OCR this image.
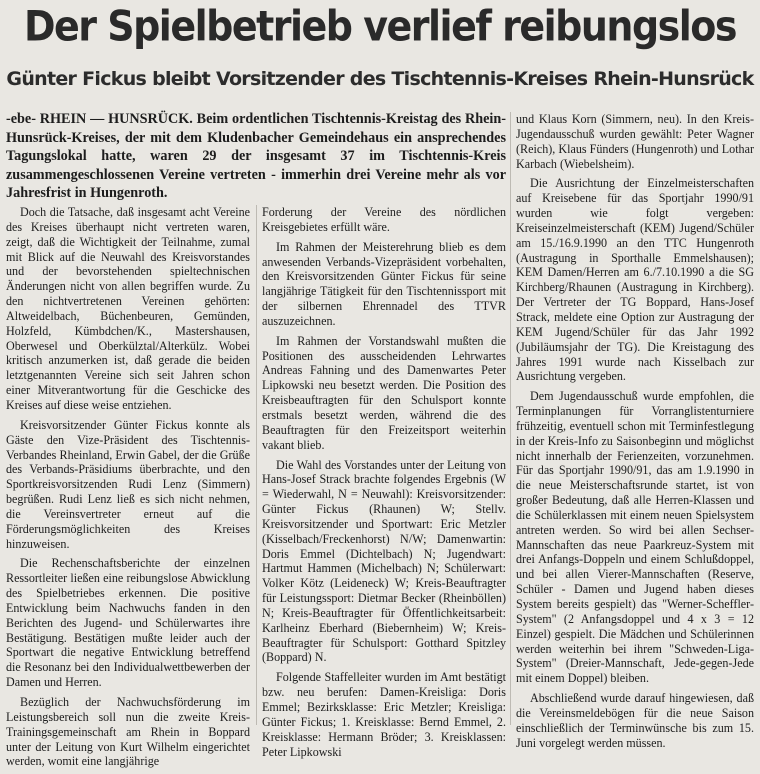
Der Spielbetrieb verlief reibungslos
Günter Fickus bleibt Vorsitzender des Tischtennis-Kreises Rhein-Hunsrück
-ebe- RHEIN — HUNSRÜCK. Beim ordentlichen Tischtennis-Kreistag des Rhein-Hunsrück-Kreises, der mit dem Kludenbacher Gemeindehaus ein ansprechendes Tagungslokal hatte, waren 29 der insgesamt 37 im Tischtennis-Kreis zusammengeschlossenen Vereine vertreten - immerhin drei Vereine mehr als vor Jahresfrist in Hungenroth.

Doch die Tatsache, daß insgesamt acht Vereine des Kreises überhaupt nicht vertreten waren, zeigt, daß die Wichtigkeit der Teilnahme, zumal mit Blick auf die Neuwahl des Kreisvorstandes und der bevorstehenden spieltechnischen Änderungen nicht von allen begriffen wurde. Zu den nichtvertretenen Vereinen gehörten: Altweidelbach, Büchenbeuren, Gemünden, Holzfeld, Kümbdchen/K., Mastershausen, Oberwesel und Oberkülztal/Alterkülz. Wobei kritisch anzumerken ist, daß gerade die beiden letztgenannten Vereine sich seit Jahren schon einer Mitverantwortung für die Geschicke des Kreises auf diese weise entziehen.

Kreisvorsitzender Günter Fickus konnte als Gäste den Vize-Präsident des Tischtennis-Verbandes Rheinland, Erwin Gabel, der die Grüße des Verbands-Präsidiums überbrachte, und den Sportkreisvorsitzenden Rudi Lenz (Simmern) begrüßen. Rudi Lenz ließ es sich nicht nehmen, die Vereinsvertreter erneut auf die Förderungsmöglichkeiten des Kreises hinzuweisen.

Die Rechenschaftsberichte der einzelnen Ressortleiter ließen eine reibungslose Abwicklung des Spielbetriebes erkennen. Die positive Entwicklung beim Nachwuchs fanden in den Berichten des Jugend- und Schülerwartes ihre Bestätigung. Bestätigen mußte leider auch der Sportwart die negative Entwicklung betreffend die Resonanz bei den Individualwettbewerben der Damen und Herren.

Bezüglich der Nachwuchsförderung im Leistungsbereich soll nun die zweite Kreis-Trainingsgemeinschaft am Rhein in Boppard unter der Leitung von Kurt Wilhelm eingerichtet werden, womit eine langjährige

Forderung der Vereine des nördlichen Kreisgebietes erfüllt wäre.

Im Rahmen der Meisterehrung blieb es dem anwesenden Verbands-Vizepräsident vorbehalten, den Kreisvorsitzenden Günter Fickus für seine langjährige Tätigkeit für den Tischtennissport mit der silbernen Ehrennadel des TTVR auszuzeichnen.

Im Rahmen der Vorstandswahl mußten die Positionen des ausscheidenden Lehrwartes Andreas Fahning und des Damenwartes Peter Lipkowski neu besetzt werden. Die Position des Kreisbeauftragten für den Schulsport konnte erstmals besetzt werden, während die des Beauftragten für den Freizeitsport weiterhin vakant blieb.

Die Wahl des Vorstandes unter der Leitung von Hans-Josef Strack brachte folgendes Ergebnis (W = Wiederwahl, N = Neuwahl): Kreisvorsitzender: Günter Fickus (Rhaunen) W; Stellv. Kreisvorsitzender und Sportwart: Eric Metzler (Kisselbach/Freckenhorst) N/W; Damenwartin: Doris Emmel (Dichtelbach) N; Jugendwart: Hartmut Hammen (Michelbach) N; Schülerwart: Volker Kötz (Leideneck) W; Kreis-Beauftragter für Leistungssport: Dietmar Becker (Rheinböllen) N; Kreis-Beauftragter für Öffentlichkeitsarbeit: Karlheinz Eberhard (Biebernheim) W; Kreis-Beauftragter für Schulsport: Gotthard Spitzley (Boppard) N.

Folgende Staffelleiter wurden im Amt bestätigt bzw. neu berufen: Damen-Kreisliga: Doris Emmel; Bezirksklasse: Eric Metzler; Kreisliga: Günter Fickus; 1. Kreisklasse: Bernd Emmel, 2. Kreisklasse: Hermann Bröder; 3. Kreisklassen: Peter Lipkowski

und Klaus Korn (Simmern, neu). In den Kreis-Jugendausschuß wurden gewählt: Peter Wagner (Reich), Klaus Fünders (Hungenroth) und Lothar Karbach (Wiebelsheim).

Die Ausrichtung der Einzelmeisterschaften auf Kreisebene für das Sportjahr 1990/91 wurden wie folgt vergeben: Kreiseinzelmeisterschaft (KEM) Jugend/Schüler am 15./16.9.1990 an den TTC Hungenroth (Austragung in Sporthalle Emmelshausen); KEM Damen/Herren am 6./7.10.1990 a die SG Kirchberg/Rhaunen (Austragung in Kirchberg). Der Vertreter der TG Boppard, Hans-Josef Strack, meldete eine Option zur Austragung der KEM Jugend/Schüler für das Jahr 1992 (Jubiläumsjahr der TG). Die Kreistagung des Jahres 1991 wurde nach Kisselbach zur Ausrichtung vergeben.

Dem Jugendausschuß wurde empfohlen, die Terminplanungen für Vorranglistenturniere frühzeitig, eventuell schon mit Terminfestlegung in der Kreis-Info zu Saisonbeginn und möglichst nicht innerhalb der Ferienzeiten, vorzunehmen. Für das Sportjahr 1990/91, das am 1.9.1990 in die neue Meisterschaftsrunde startet, ist von großer Bedeutung, daß alle Herren-Klassen und die Schülerklassen mit einem neuen Spielsystem antreten werden. So wird bei allen Sechser-Mannschaften das neue Paarkreuz-System mit drei Anfangs-Doppeln und einem Schlußdoppel, und bei allen Vierer-Mannschaften (Reserve, Schüler - Damen und Jugend haben dieses System bereits gespielt) das "Werner-Scheffler-System" (2 Anfangsdoppel und 4 x 3 = 12 Einzel) gespielt. Die Mädchen und Schülerinnen werden weiterhin bei ihrem "Schweden-Liga-System" (Dreier-Mannschaft, Jede-gegen-Jede mit einem Doppel) bleiben.

Abschließend wurde darauf hingewiesen, daß die Vereinsmeldebögen für die neue Saison einschließlich der Terminwünsche bis zum 15. Juni vorgelegt werden müssen.
